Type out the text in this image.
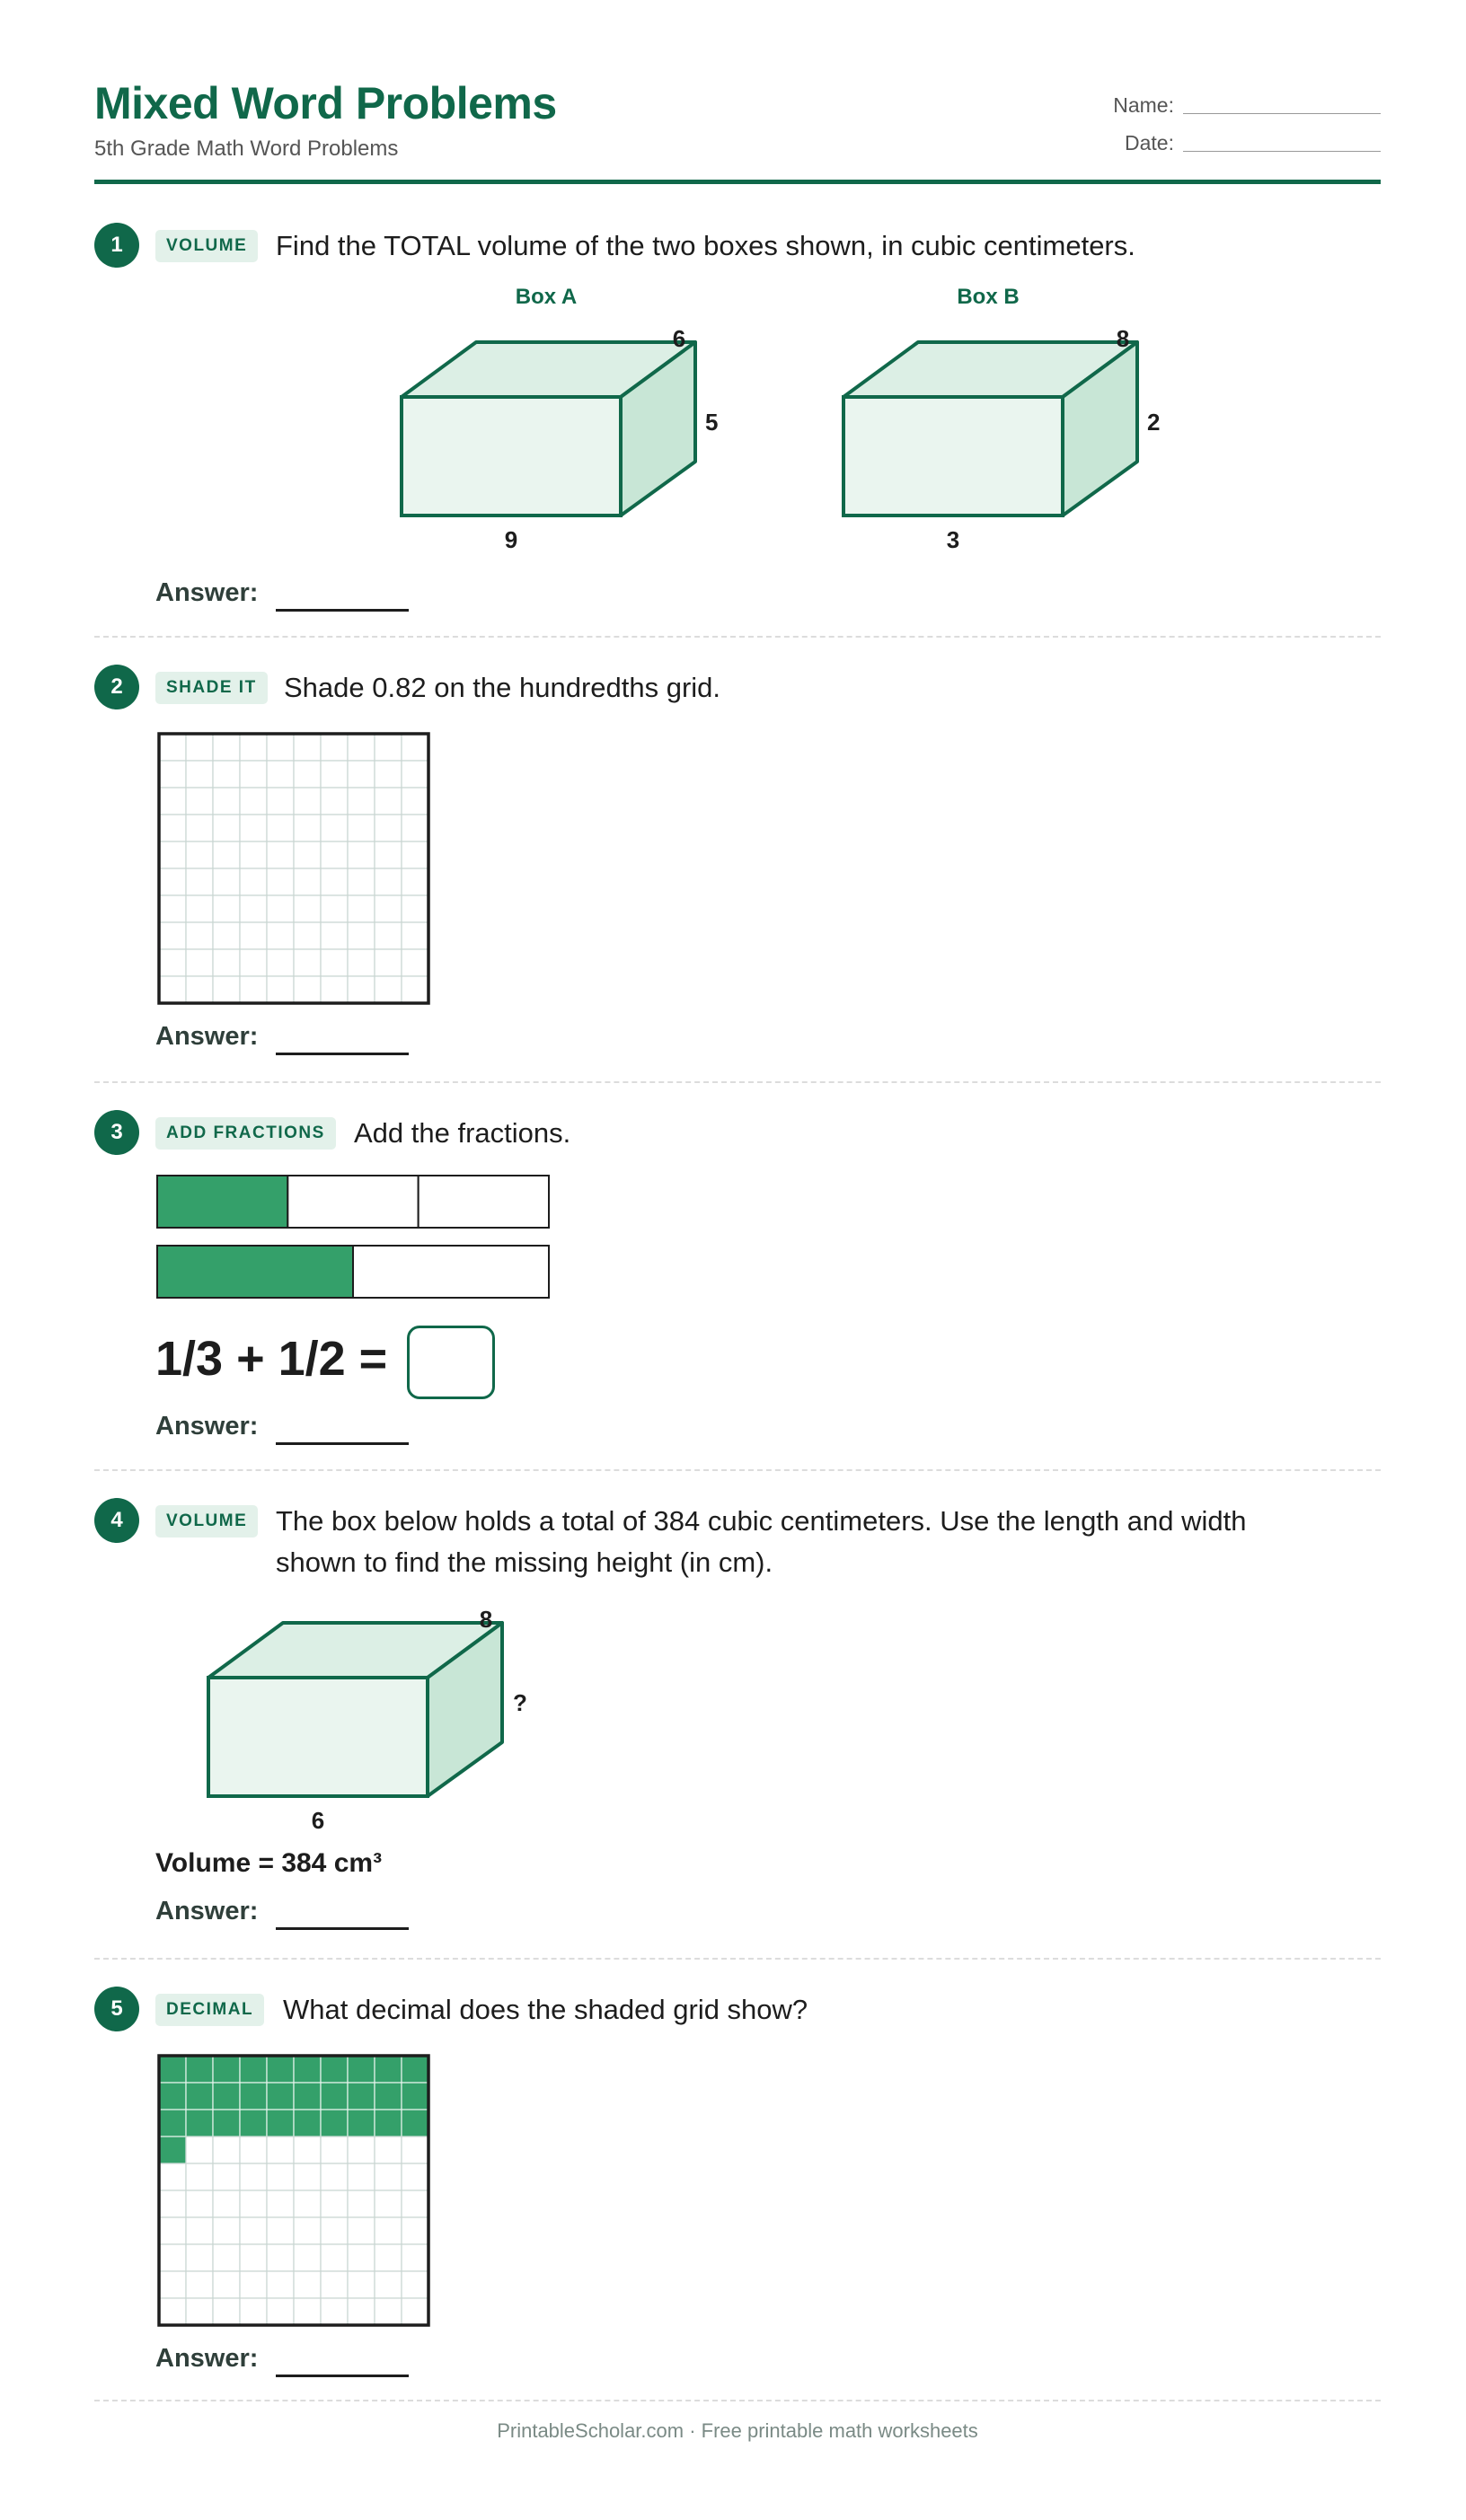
Mixed Word Problems
5th Grade Math Word Problems
Name:
Date:
1	VOLUME	Find the TOTAL volume of the two boxes shown, in cubic centimeters.
Box A
9
6
5
Box B
3
8
2
Answer:
2	SHADE IT Shade 0.82 on the hundredths grid.
Answer:
3	ADD FRACTIONS	Add the fractions.
1/3 + 1/2 =
Answer:
4	VOLUME	The box below holds a total of 384 cubic centimeters. Use the length and width
shown to find the missing height (in cm).
6
8
?
Volume = 384 cm³
Answer:
5	DECIMAL	What decimal does the shaded grid show?
Answer:
PrintableScholar.com · Free printable math worksheets
